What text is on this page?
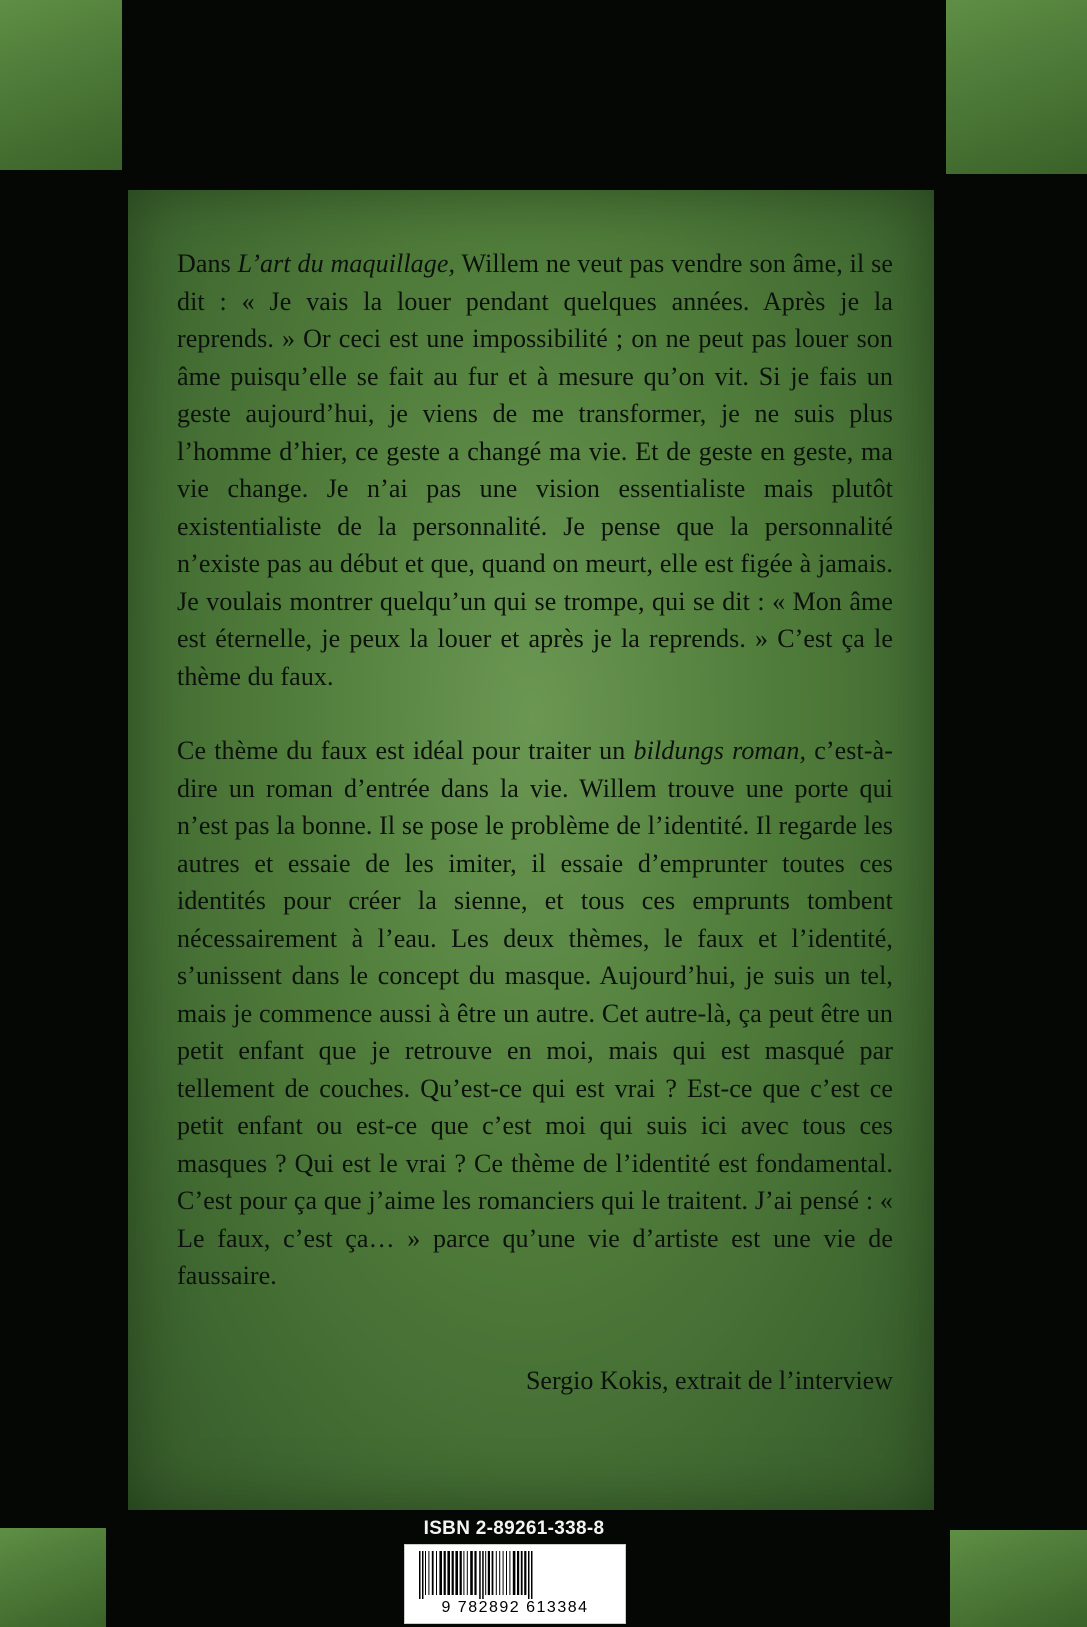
Dans L’art du maquillage, Willem ne veut pas vendre son âme, il se dit : « Je vais la louer pendant quelques années. Après je la reprends. » Or ceci est une impossibilité ; on ne peut pas louer son âme puisqu’elle se fait au fur et à mesure qu’on vit. Si je fais un geste aujourd’hui, je viens de me transformer, je ne suis plus l’homme d’hier, ce geste a changé ma vie. Et de geste en geste, ma vie change. Je n’ai pas une vision essentialiste mais plutôt existentialiste de la personnalité. Je pense que la personnalité n’existe pas au début et que, quand on meurt, elle est figée à jamais. Je voulais montrer quelqu’un qui se trompe, qui se dit : « Mon âme est éternelle, je peux la louer et après je la reprends. » C’est ça le thème du faux.

Ce thème du faux est idéal pour traiter un bildungs roman, c’est-à-dire un roman d’entrée dans la vie. Willem trouve une porte qui n’est pas la bonne. Il se pose le problème de l’identité. Il regarde les autres et essaie de les imiter, il essaie d’emprunter toutes ces identités pour créer la sienne, et tous ces emprunts tombent nécessairement à l’eau. Les deux thèmes, le faux et l’identité, s’unissent dans le concept du masque. Aujourd’hui, je suis un tel, mais je commence aussi à être un autre. Cet autre-là, ça peut être un petit enfant que je retrouve en moi, mais qui est masqué par tellement de couches. Qu’est-ce qui est vrai ? Est-ce que c’est ce petit enfant ou est-ce que c’est moi qui suis ici avec tous ces masques ? Qui est le vrai ? Ce thème de l’identité est fondamental. C’est pour ça que j’aime les romanciers qui le traitent. J’ai pensé : « Le faux, c’est ça… » parce qu’une vie d’artiste est une vie de faussaire.

Sergio Kokis, extrait de l’interview
ISBN 2-89261-338-8
9 782892 613384
